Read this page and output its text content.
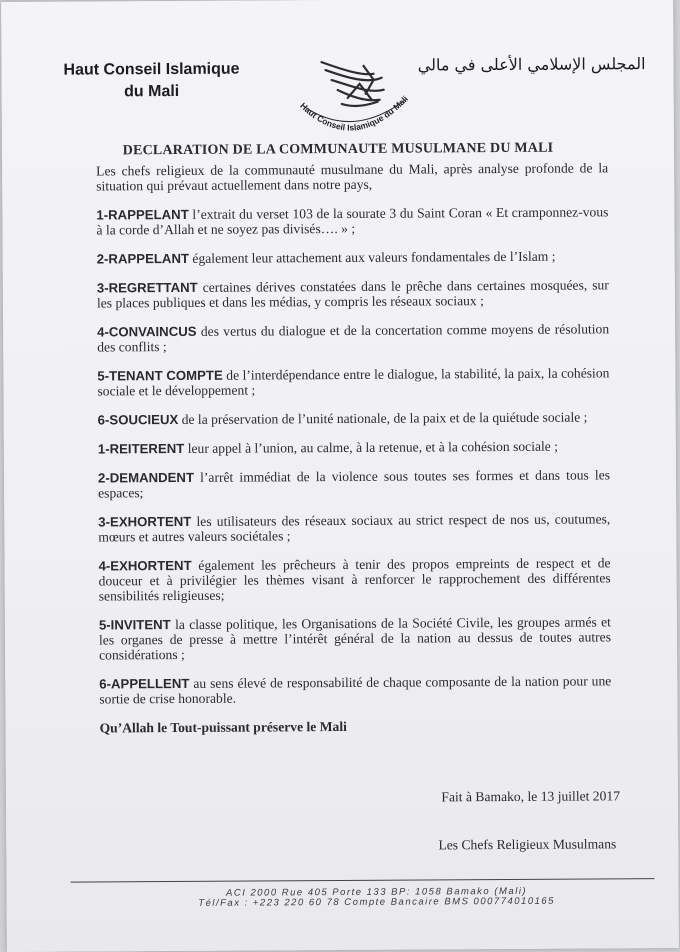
Haut Conseil Islamique
du Mali
Haut Conseil Islamique du Mali
المجلس الإسلامي الأعلى في مالي
DECLARATION DE LA COMMUNAUTE MUSULMANE DU MALI

Les chefs religieux de la communauté musulmane du Mali, après analyse profonde de la situation qui prévaut actuellement dans notre pays,

1-RAPPELANT l’extrait du verset 103 de la sourate 3 du Saint Coran « Et cramponnez-vous à la corde d’Allah et ne soyez pas divisés…. » ;

2-RAPPELANT également leur attachement aux valeurs fondamentales de l’Islam ;

3-REGRETTANT certaines dérives constatées dans le prêche dans certaines mosquées, sur les places publiques et dans les médias, y compris les réseaux sociaux ;

4-CONVAINCUS des vertus du dialogue et de la concertation comme moyens de résolution des conflits ;

5-TENANT COMPTE de l’interdépendance entre le dialogue, la stabilité, la paix, la cohésion sociale et le développement ;

6-SOUCIEUX de la préservation de l’unité nationale, de la paix et de la quiétude sociale ;

1-REITERENT leur appel à l’union, au calme, à la retenue, et à la cohésion sociale ;

2-DEMANDENT l’arrêt immédiat de la violence sous toutes ses formes et dans tous les espaces;

3-EXHORTENT les utilisateurs des réseaux sociaux au strict respect de nos us, coutumes, mœurs et autres valeurs sociétales ;

4-EXHORTENT également les prêcheurs à tenir des propos empreints de respect et de douceur et à privilégier les thèmes visant à renforcer le rapprochement des différentes sensibilités religieuses;

5-INVITENT la classe politique, les Organisations de la Société Civile, les groupes armés et les organes de presse à mettre l’intérêt général de la nation au dessus de toutes autres considérations ;

6-APPELLENT au sens élevé de responsabilité de chaque composante de la nation pour une sortie de crise honorable.

Qu’Allah le Tout-puissant préserve le Mali

Fait à Bamako, le 13 juillet 2017
Les Chefs Religieux Musulmans
ACI 2000 Rue 405 Porte 133 BP: 1058 Bamako (Mali)
Tél/Fax : +223 220 60 78 Compte Bancaire BMS 000774010165
